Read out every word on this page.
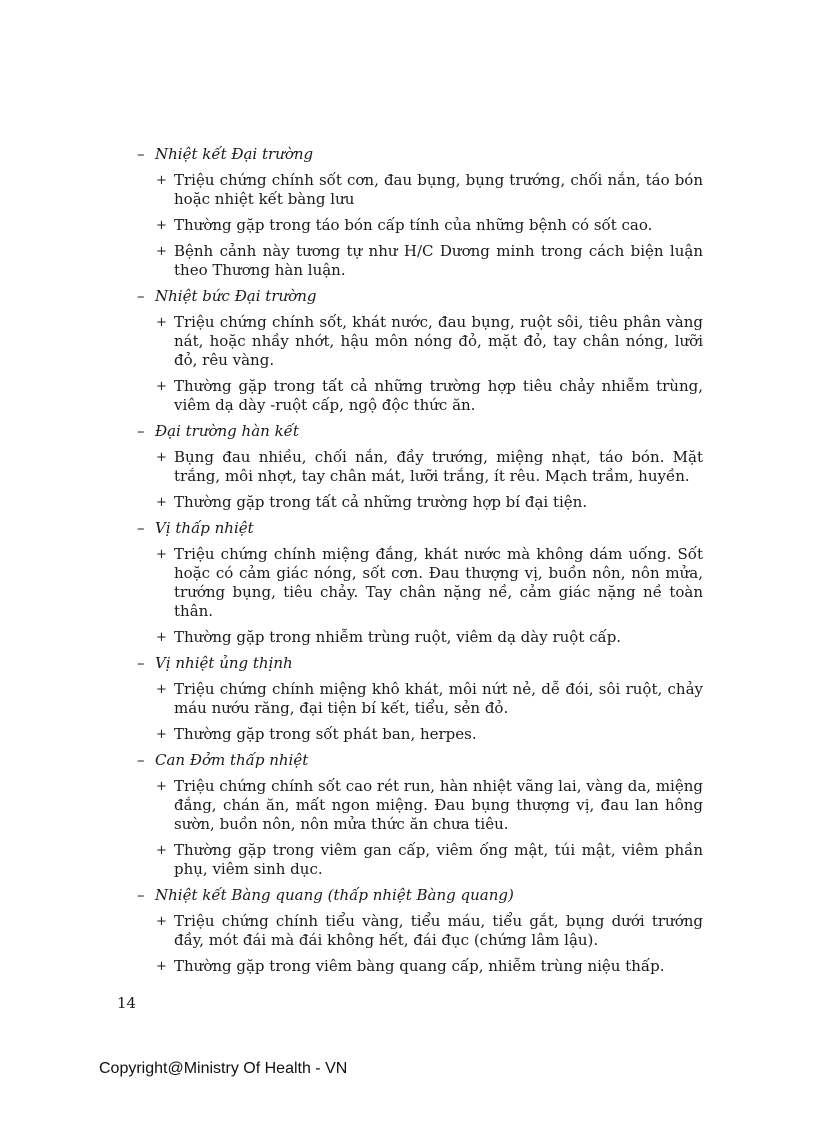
– Nhiệt kết Đại trường
+ Triệu chứng chính sốt cơn, đau bụng, bụng trướng, chối nắn, táo bón hoặc nhiệt kết bàng lưu
+ Thường gặp trong táo bón cấp tính của những bệnh có sốt cao.
+ Bệnh cảnh này tương tự như H/C Dương minh trong cách biện luận theo Thương hàn luận.
– Nhiệt bức Đại trường
+ Triệu chứng chính sốt, khát nước, đau bụng, ruột sôi, tiêu phân vàng nát, hoặc nhầy nhớt, hậu môn nóng đỏ, mặt đỏ, tay chân nóng, lưỡi đỏ, rêu vàng.
+ Thường gặp trong tất cả những trường hợp tiêu chảy nhiễm trùng, viêm dạ dày -ruột cấp, ngộ độc thức ăn.
– Đại trường hàn kết
+ Bụng đau nhiều, chối nắn, đầy trướng, miệng nhạt, táo bón. Mặt trắng, môi nhợt, tay chân mát, lưỡi trắng, ít rêu. Mạch trầm, huyền.
+ Thường gặp trong tất cả những trường hợp bí đại tiện.
– Vị thấp nhiệt
+ Triệu chứng chính miệng đắng, khát nước mà không dám uống. Sốt hoặc có cảm giác nóng, sốt cơn. Đau thượng vị, buồn nôn, nôn mửa, trướng bụng, tiêu chảy. Tay chân nặng nề, cảm giác nặng nề toàn thân.
+ Thường gặp trong nhiễm trùng ruột, viêm dạ dày ruột cấp.
– Vị nhiệt ủng thịnh
+ Triệu chứng chính miệng khô khát, môi nứt nẻ, dễ đói, sôi ruột, chảy máu nướu răng, đại tiện bí kết, tiểu, sẻn đỏ.
+ Thường gặp trong sốt phát ban, herpes.
– Can Đởm thấp nhiệt
+ Triệu chứng chính sốt cao rét run, hàn nhiệt vãng lai, vàng da, miệng đắng, chán ăn, mất ngon miệng. Đau bụng thượng vị, đau lan hông sườn, buồn nôn, nôn mửa thức ăn chưa tiêu.
+ Thường gặp trong viêm gan cấp, viêm ống mật, túi mật, viêm phần phụ, viêm sinh dục.
– Nhiệt kết Bàng quang (thấp nhiệt Bàng quang)
+ Triệu chứng chính tiểu vàng, tiểu máu, tiểu gắt, bụng dưới trướng đầy, mót đái mà đái không hết, đái đục (chứng lâm lậu).
+ Thường gặp trong viêm bàng quang cấp, nhiễm trùng niệu thấp.
14
Copyright@Ministry Of Health - VN
